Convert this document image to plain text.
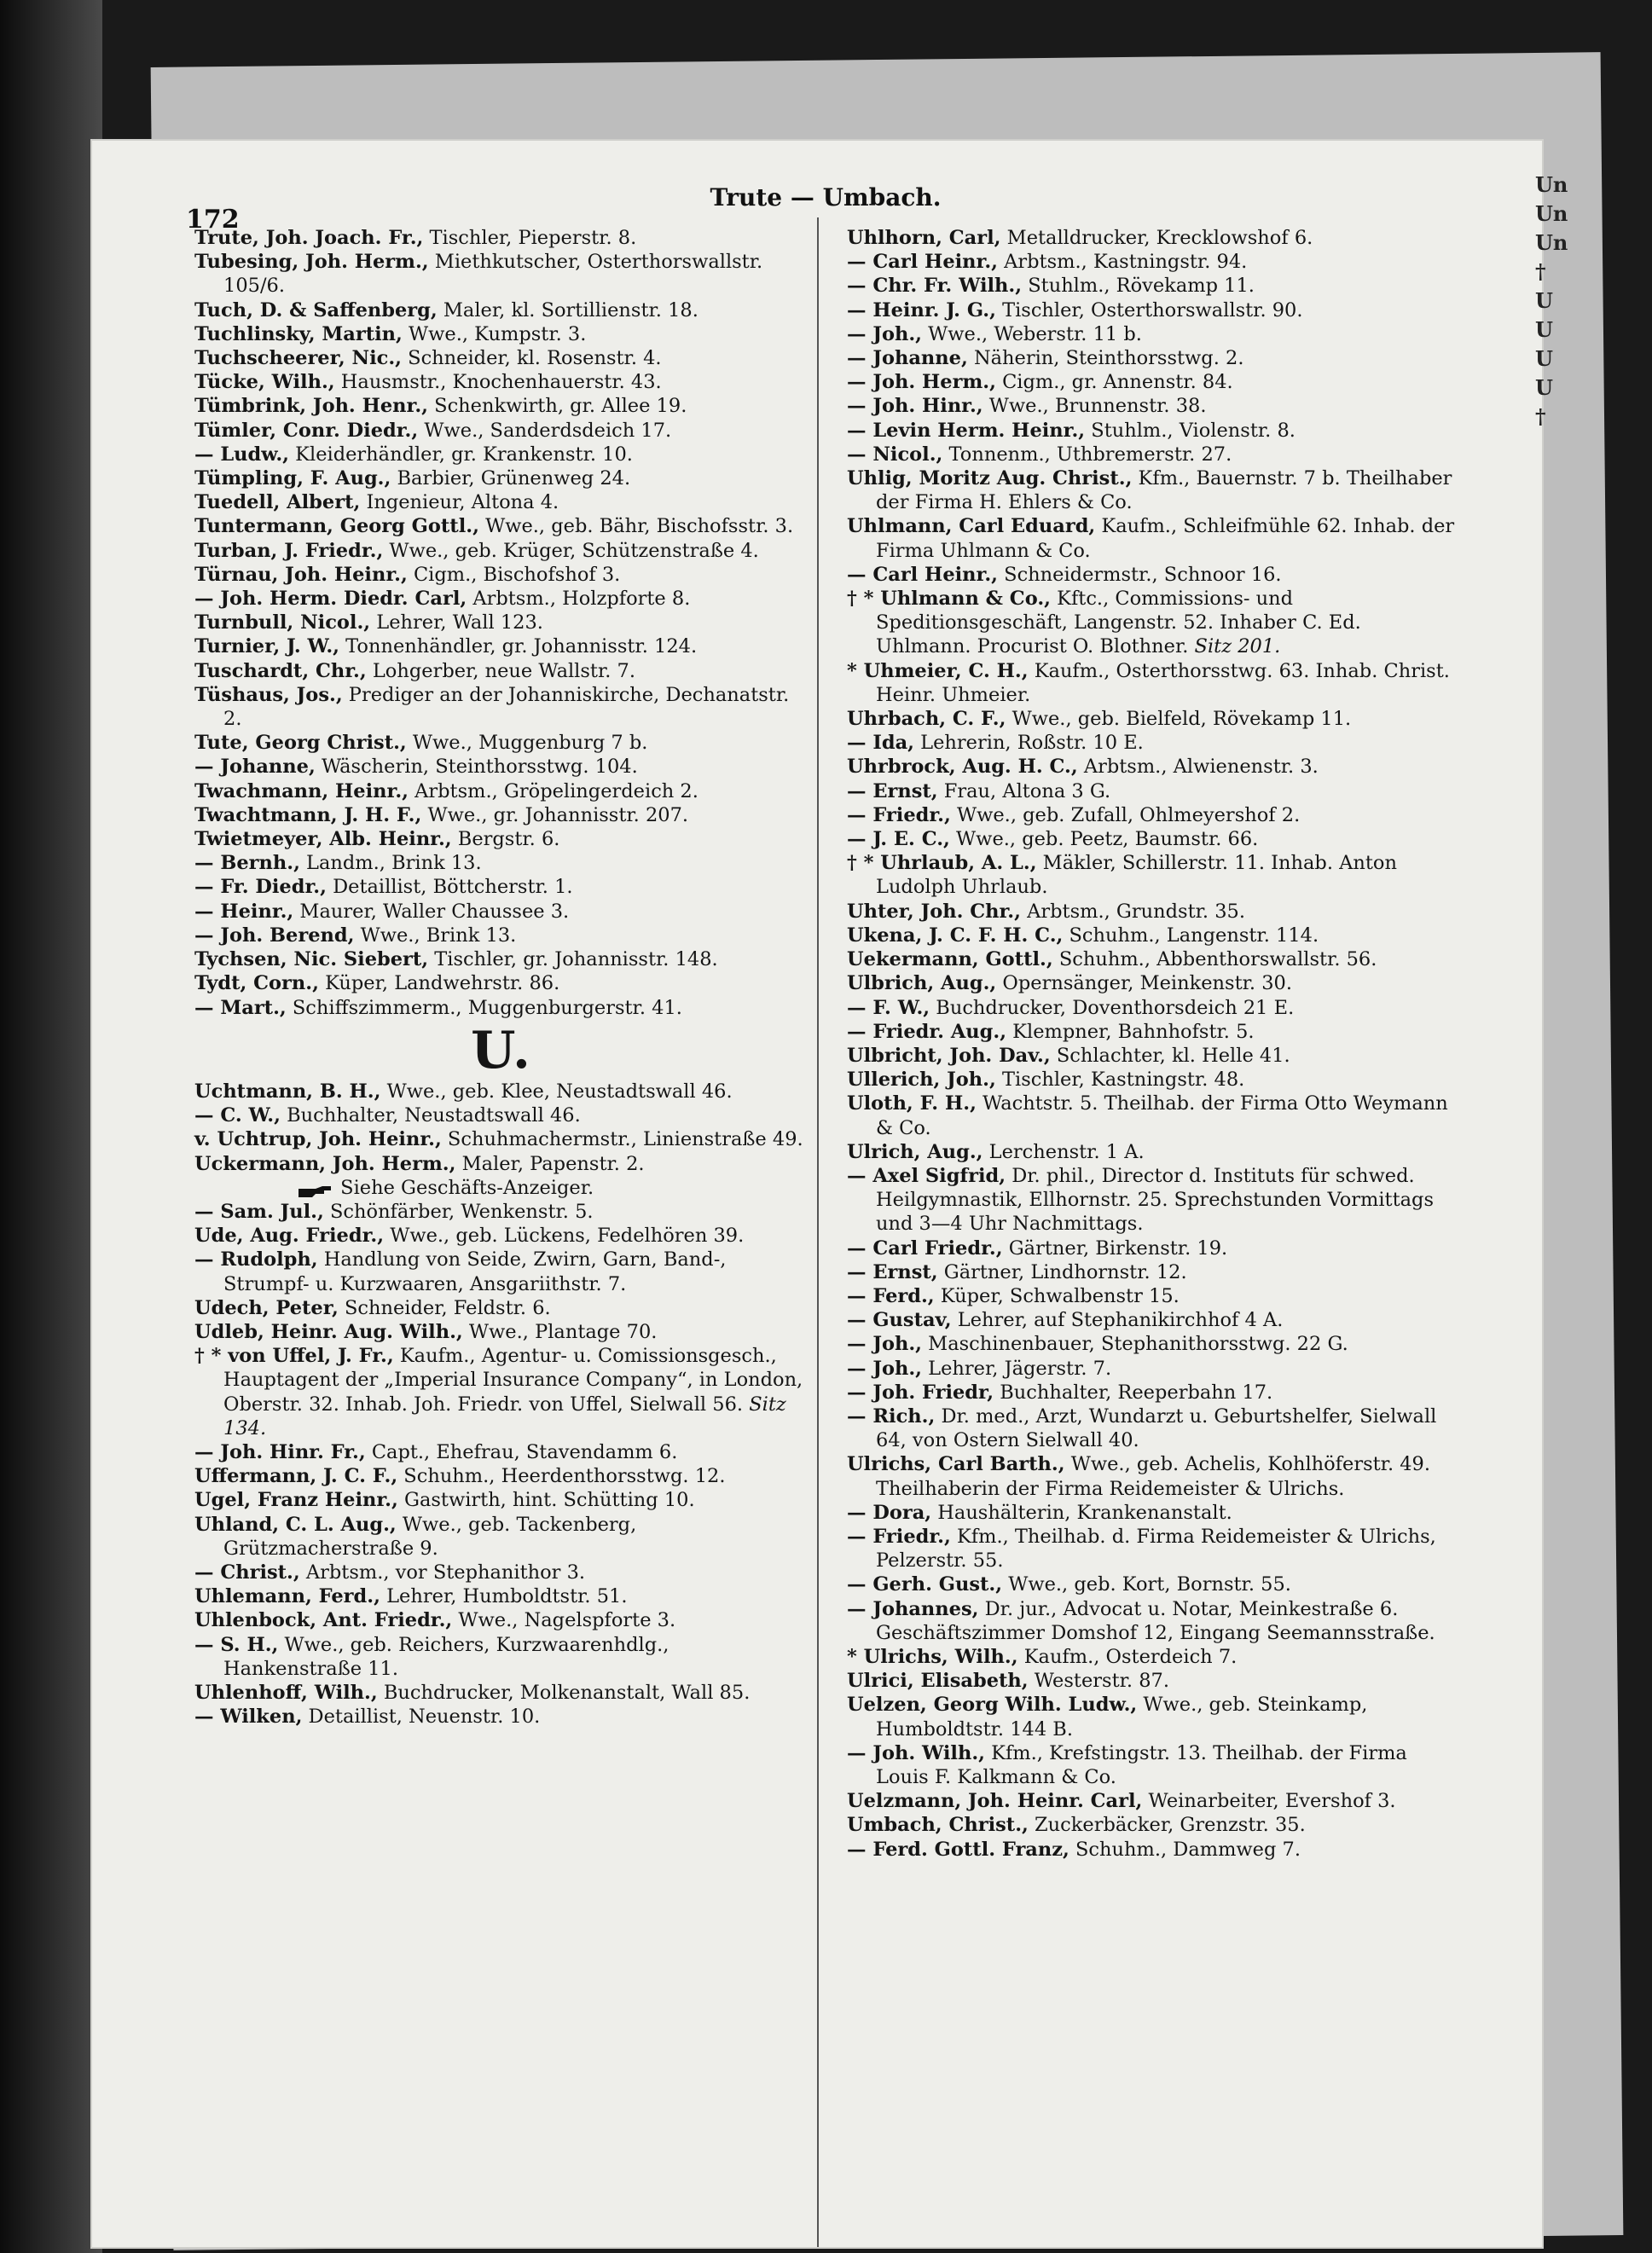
172
Trute — Umbach.
Trute, Joh. Joach. Fr., Tischler, Pieperstr. 8.
Tubesing, Joh. Herm., Miethkutscher, Osterthorswallstr. 105/6.
Tuch, D. & Saffenberg, Maler, kl. Sortillienstr. 18.
Tuchlinsky, Martin, Wwe., Kumpstr. 3.
Tuchscheerer, Nic., Schneider, kl. Rosenstr. 4.
Tücke, Wilh., Hausmstr., Knochenhauerstr. 43.
Tümbrink, Joh. Henr., Schenkwirth, gr. Allee 19.
Tümler, Conr. Diedr., Wwe., Sanderdsdeich 17.
— Ludw., Kleiderhändler, gr. Krankenstr. 10.
Tümpling, F. Aug., Barbier, Grünenweg 24.
Tuedell, Albert, Ingenieur, Altona 4.
Tuntermann, Georg Gottl., Wwe., geb. Bähr, Bischofsstr. 3.
Turban, J. Friedr., Wwe., geb. Krüger, Schützenstraße 4.
Türnau, Joh. Heinr., Cigm., Bischofshof 3.
— Joh. Herm. Diedr. Carl, Arbtsm., Holzpforte 8.
Turnbull, Nicol., Lehrer, Wall 123.
Turnier, J. W., Tonnenhändler, gr. Johannisstr. 124.
Tuschardt, Chr., Lohgerber, neue Wallstr. 7.
Tüshaus, Jos., Prediger an der Johanniskirche, Dechanatstr. 2.
Tute, Georg Christ., Wwe., Muggenburg 7 b.
— Johanne, Wäscherin, Steinthorsstwg. 104.
Twachmann, Heinr., Arbtsm., Gröpelingerdeich 2.
Twachtmann, J. H. F., Wwe., gr. Johannisstr. 207.
Twietmeyer, Alb. Heinr., Bergstr. 6.
— Bernh., Landm., Brink 13.
— Fr. Diedr., Detaillist, Böttcherstr. 1.
— Heinr., Maurer, Waller Chaussee 3.
— Joh. Berend, Wwe., Brink 13.
Tychsen, Nic. Siebert, Tischler, gr. Johannisstr. 148.
Tydt, Corn., Küper, Landwehrstr. 86.
— Mart., Schiffszimmerm., Muggenburgerstr. 41.
U.
Uchtmann, B. H., Wwe., geb. Klee, Neustadtswall 46.
— C. W., Buchhalter, Neustadtswall 46.
v. Uchtrup, Joh. Heinr., Schuhmachermstr., Linienstraße 49.
Uckermann, Joh. Herm., Maler, Papenstr. 2.
Siehe Geschäfts-Anzeiger.
— Sam. Jul., Schönfärber, Wenkenstr. 5.
Ude, Aug. Friedr., Wwe., geb. Lückens, Fedelhören 39.
— Rudolph, Handlung von Seide, Zwirn, Garn, Band-, Strumpf- u. Kurzwaaren, Ansgariithstr. 7.
Udech, Peter, Schneider, Feldstr. 6.
Udleb, Heinr. Aug. Wilh., Wwe., Plantage 70.
† * von Uffel, J. Fr., Kaufm., Agentur- u. Comissionsgesch., Hauptagent der „Imperial Insurance Company“, in London, Oberstr. 32. Inhab. Joh. Friedr. von Uffel, Sielwall 56. Sitz 134.
— Joh. Hinr. Fr., Capt., Ehefrau, Stavendamm 6.
Uffermann, J. C. F., Schuhm., Heerdenthorsstwg. 12.
Ugel, Franz Heinr., Gastwirth, hint. Schütting 10.
Uhland, C. L. Aug., Wwe., geb. Tackenberg, Grützmacherstraße 9.
— Christ., Arbtsm., vor Stephanithor 3.
Uhlemann, Ferd., Lehrer, Humboldtstr. 51.
Uhlenbock, Ant. Friedr., Wwe., Nagelspforte 3.
— S. H., Wwe., geb. Reichers, Kurzwaarenhdlg., Hankenstraße 11.
Uhlenhoff, Wilh., Buchdrucker, Molkenanstalt, Wall 85.
— Wilken, Detaillist, Neuenstr. 10.
Uhlhorn, Carl, Metalldrucker, Krecklowshof 6.
— Carl Heinr., Arbtsm., Kastningstr. 94.
— Chr. Fr. Wilh., Stuhlm., Rövekamp 11.
— Heinr. J. G., Tischler, Osterthorswallstr. 90.
— Joh., Wwe., Weberstr. 11 b.
— Johanne, Näherin, Steinthorsstwg. 2.
— Joh. Herm., Cigm., gr. Annenstr. 84.
— Joh. Hinr., Wwe., Brunnenstr. 38.
— Levin Herm. Heinr., Stuhlm., Violenstr. 8.
— Nicol., Tonnenm., Uthbremerstr. 27.
Uhlig, Moritz Aug. Christ., Kfm., Bauernstr. 7 b. Theilhaber der Firma H. Ehlers & Co.
Uhlmann, Carl Eduard, Kaufm., Schleifmühle 62. Inhab. der Firma Uhlmann & Co.
— Carl Heinr., Schneidermstr., Schnoor 16.
† * Uhlmann & Co., Kftc., Commissions- und Speditionsgeschäft, Langenstr. 52. Inhaber C. Ed. Uhlmann. Procurist O. Blothner. Sitz 201.
* Uhmeier, C. H., Kaufm., Osterthorsstwg. 63. Inhab. Christ. Heinr. Uhmeier.
Uhrbach, C. F., Wwe., geb. Bielfeld, Rövekamp 11.
— Ida, Lehrerin, Roßstr. 10 E.
Uhrbrock, Aug. H. C., Arbtsm., Alwienenstr. 3.
— Ernst, Frau, Altona 3 G.
— Friedr., Wwe., geb. Zufall, Ohlmeyershof 2.
— J. E. C., Wwe., geb. Peetz, Baumstr. 66.
† * Uhrlaub, A. L., Mäkler, Schillerstr. 11. Inhab. Anton Ludolph Uhrlaub.
Uhter, Joh. Chr., Arbtsm., Grundstr. 35.
Ukena, J. C. F. H. C., Schuhm., Langenstr. 114.
Uekermann, Gottl., Schuhm., Abbenthorswallstr. 56.
Ulbrich, Aug., Opernsänger, Meinkenstr. 30.
— F. W., Buchdrucker, Doventhorsdeich 21 E.
— Friedr. Aug., Klempner, Bahnhofstr. 5.
Ulbricht, Joh. Dav., Schlachter, kl. Helle 41.
Ullerich, Joh., Tischler, Kastningstr. 48.
Uloth, F. H., Wachtstr. 5. Theilhab. der Firma Otto Weymann & Co.
Ulrich, Aug., Lerchenstr. 1 A.
— Axel Sigfrid, Dr. phil., Director d. Instituts für schwed. Heilgymnastik, Ellhornstr. 25. Sprechstunden Vormittags und 3—4 Uhr Nachmittags.
— Carl Friedr., Gärtner, Birkenstr. 19.
— Ernst, Gärtner, Lindhornstr. 12.
— Ferd., Küper, Schwalbenstr 15.
— Gustav, Lehrer, auf Stephanikirchhof 4 A.
— Joh., Maschinenbauer, Stephanithorsstwg. 22 G.
— Joh., Lehrer, Jägerstr. 7.
— Joh. Friedr, Buchhalter, Reeperbahn 17.
— Rich., Dr. med., Arzt, Wundarzt u. Geburtshelfer, Sielwall 64, von Ostern Sielwall 40.
Ulrichs, Carl Barth., Wwe., geb. Achelis, Kohlhöferstr. 49. Theilhaberin der Firma Reidemeister & Ulrichs.
— Dora, Haushälterin, Krankenanstalt.
— Friedr., Kfm., Theilhab. d. Firma Reidemeister & Ulrichs, Pelzerstr. 55.
— Gerh. Gust., Wwe., geb. Kort, Bornstr. 55.
— Johannes, Dr. jur., Advocat u. Notar, Meinkestraße 6. Geschäftszimmer Domshof 12, Eingang Seemannsstraße.
* Ulrichs, Wilh., Kaufm., Osterdeich 7.
Ulrici, Elisabeth, Westerstr. 87.
Uelzen, Georg Wilh. Ludw., Wwe., geb. Steinkamp, Humboldtstr. 144 B.
— Joh. Wilh., Kfm., Krefstingstr. 13. Theilhab. der Firma Louis F. Kalkmann & Co.
Uelzmann, Joh. Heinr. Carl, Weinarbeiter, Evershof 3.
Umbach, Christ., Zuckerbäcker, Grenzstr. 35.
— Ferd. Gottl. Franz, Schuhm., Dammweg 7.
Un
Un
Un
†
U
U
U
U
†
